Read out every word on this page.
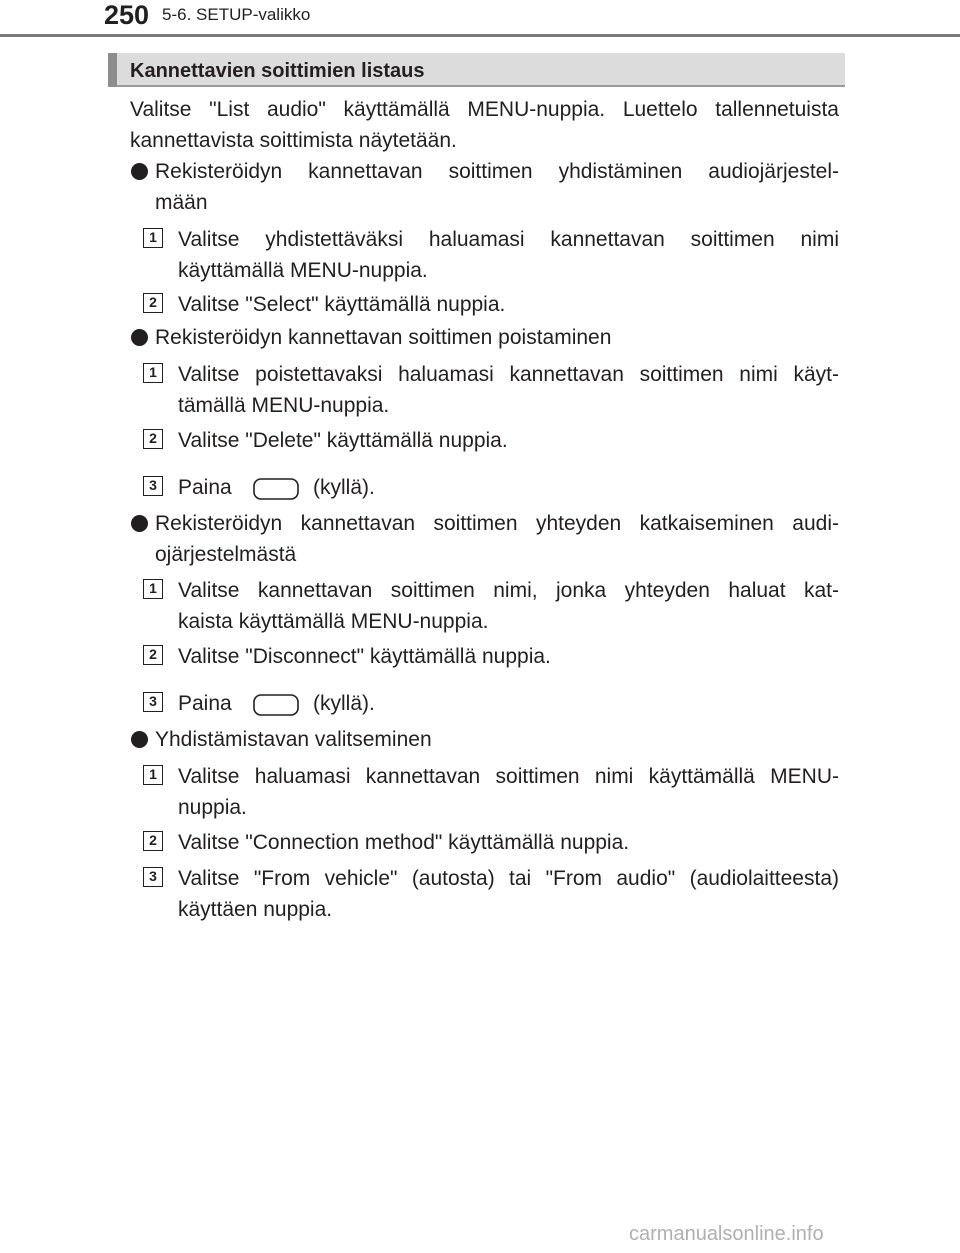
250 5-6. SETUP-valikko
Kannettavien soittimien listaus
Valitse "List audio" käyttämällä MENU-nuppia. Luettelo tallennetuista
kannettavista soittimista näytetään.
Rekisteröidyn kannettavan soittimen yhdistäminen audiojärjestel-
mään
1 Valitse yhdistettäväksi haluamasi kannettavan soittimen nimi
käyttämällä MENU-nuppia.
2 Valitse "Select" käyttämällä nuppia.
Rekisteröidyn kannettavan soittimen poistaminen
1 Valitse poistettavaksi haluamasi kannettavan soittimen nimi käyt-
tämällä MENU-nuppia.
2 Valitse "Delete" käyttämällä nuppia.
3 Paina	(kyllä).
Rekisteröidyn kannettavan soittimen yhteyden katkaiseminen audi-
ojärjestelmästä
1 Valitse kannettavan soittimen nimi, jonka yhteyden haluat kat-
kaista käyttämällä MENU-nuppia.
2 Valitse "Disconnect" käyttämällä nuppia.
3 Paina	(kyllä).
Yhdistämistavan valitseminen
1 Valitse haluamasi kannettavan soittimen nimi käyttämällä MENU-
nuppia.
2 Valitse "Connection method" käyttämällä nuppia.
3 Valitse "From vehicle" (autosta) tai "From audio" (audiolaitteesta)
käyttäen nuppia.
carmanualsonline.info
